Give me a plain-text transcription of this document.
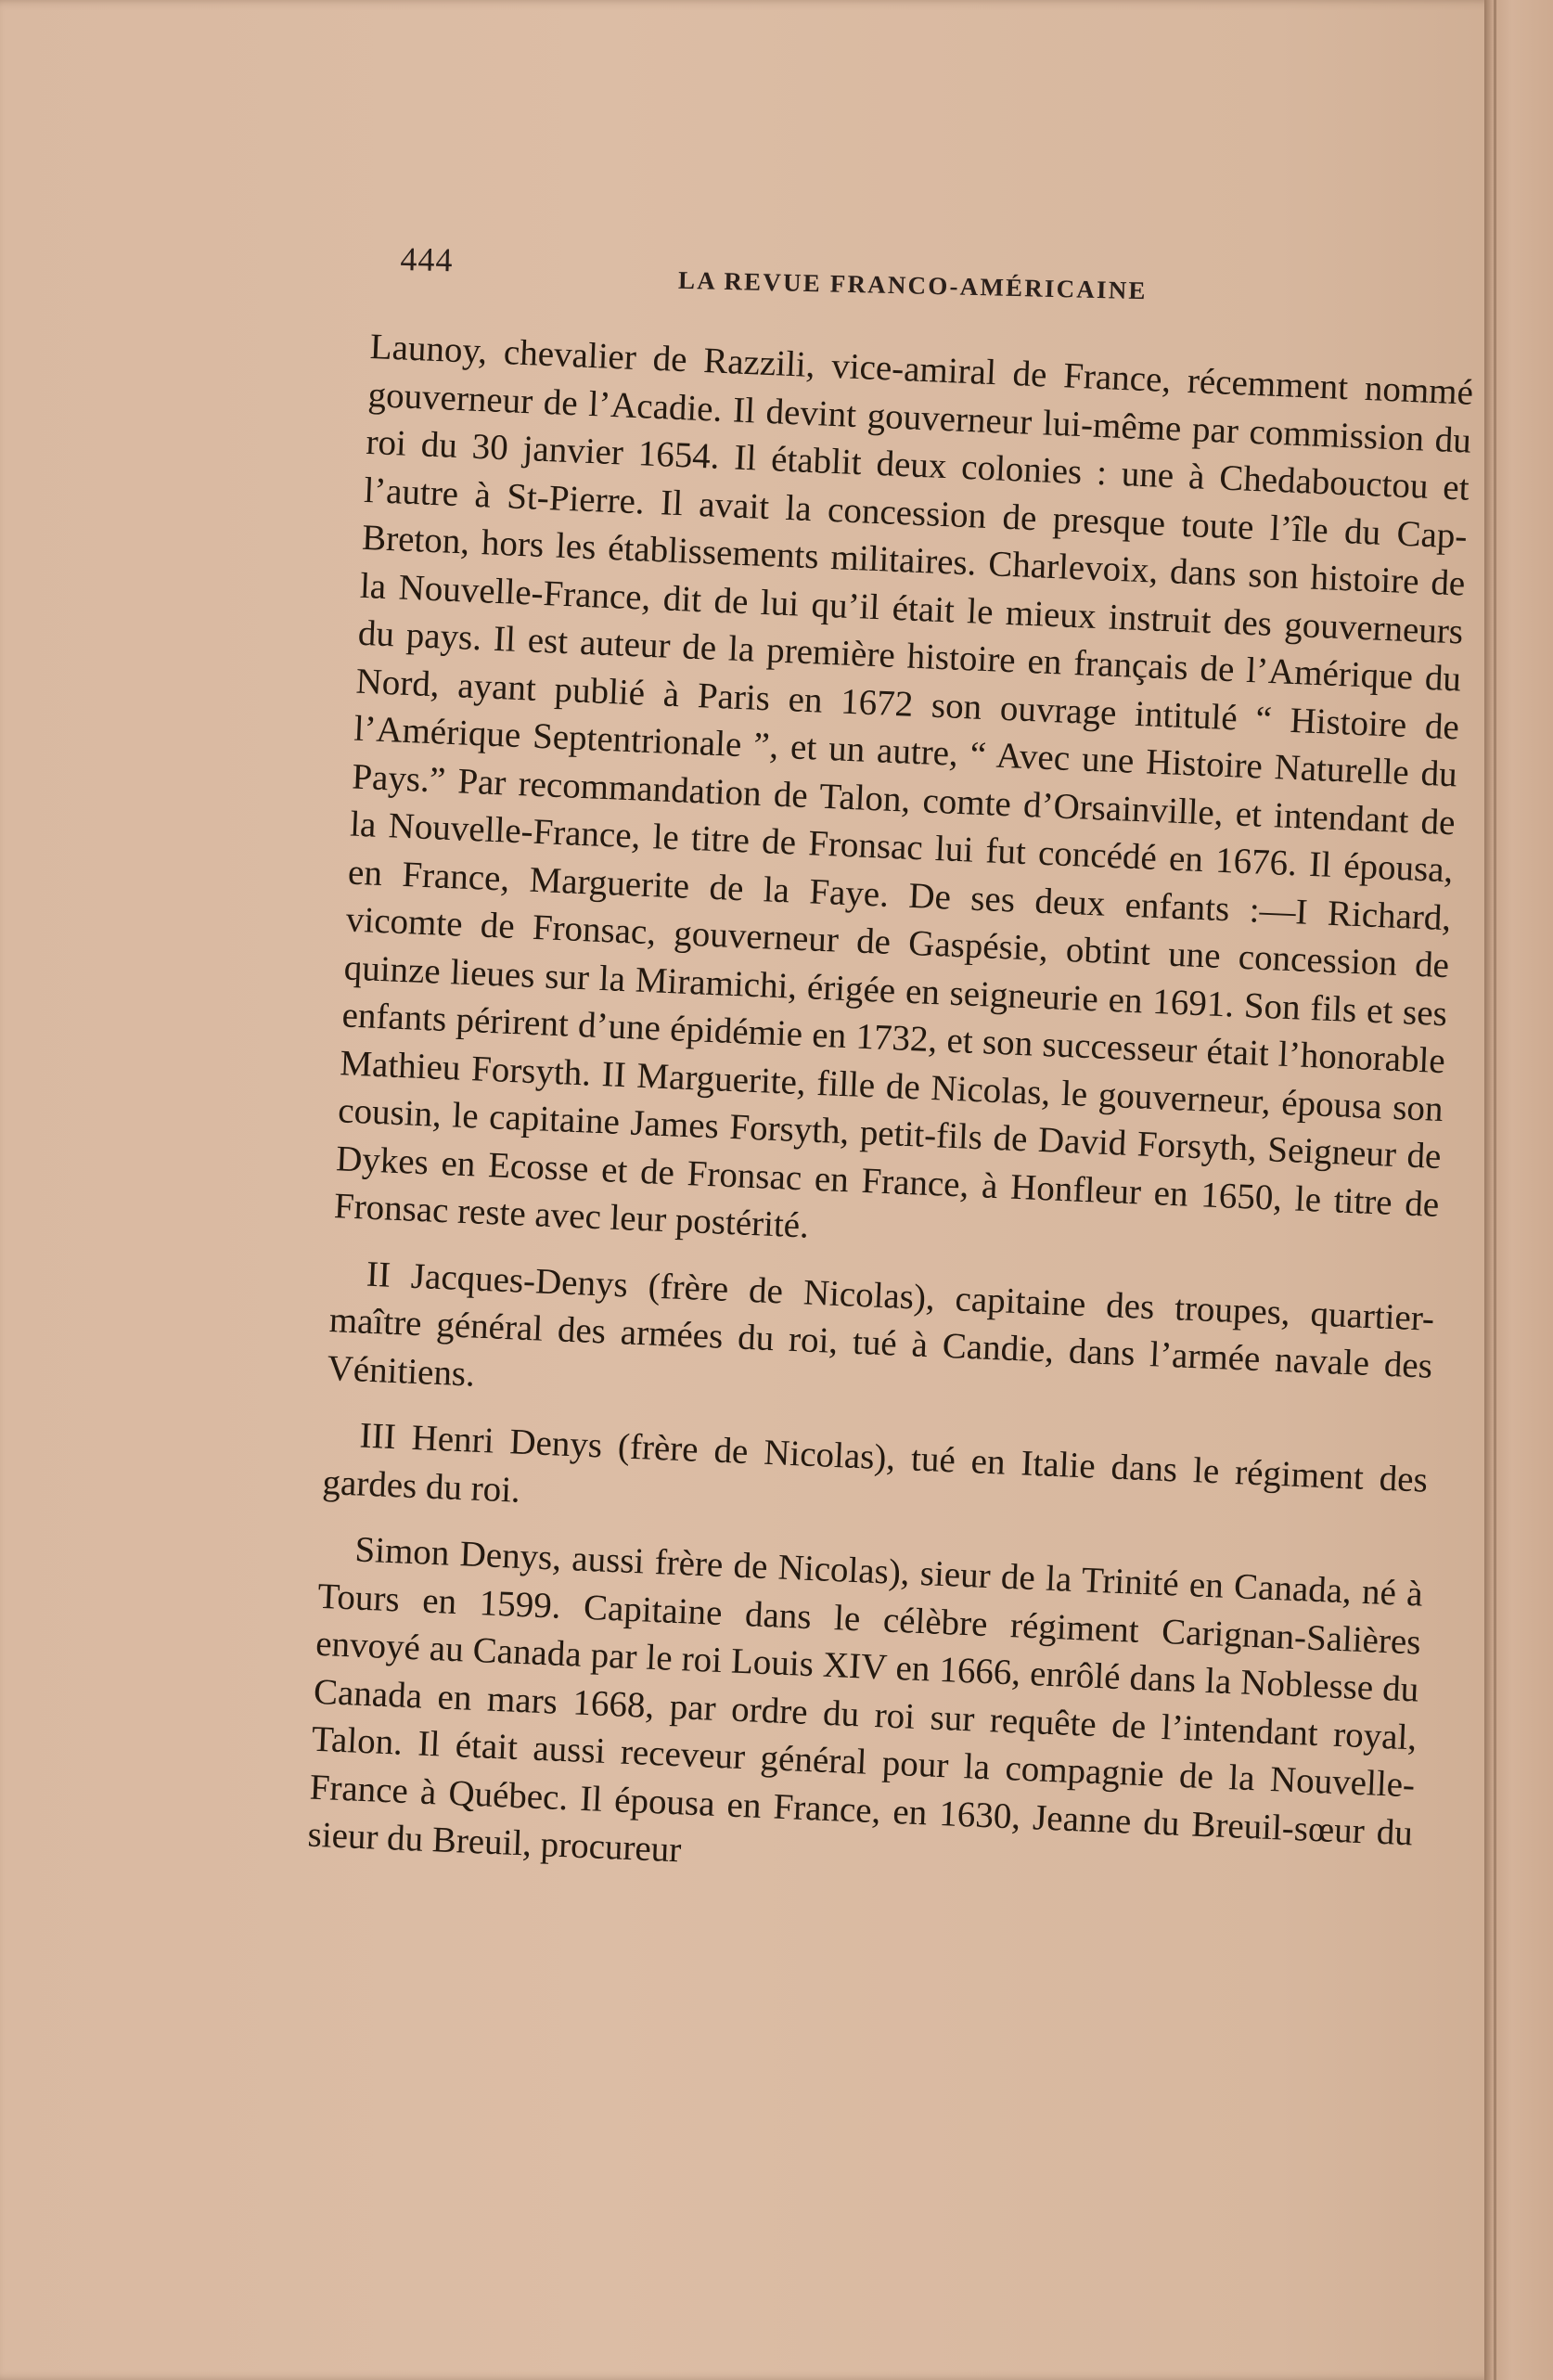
444
LA REVUE FRANCO-AMÉRICAINE

Launoy, chevalier de Razzili, vice-amiral de France, récemment nommé gouverneur de l’Acadie. Il devint gouverneur lui-même par commission du roi du 30 janvier 1654. Il établit deux colonies : une à Chedabouctou et l’autre à St-Pierre. Il avait la concession de presque toute l’île du Cap-Breton, hors les établissements militaires. Charlevoix, dans son histoire de la Nouvelle-France, dit de lui qu’il était le mieux instruit des gouverneurs du pays. Il est auteur de la première histoire en français de l’Amérique du Nord, ayant publié à Paris en 1672 son ouvrage intitulé “ Histoire de l’Amérique Septentrionale ”, et un autre, “ Avec une Histoire Naturelle du Pays.” Par recommandation de Talon, comte d’Orsainville, et intendant de la Nouvelle-France, le titre de Fronsac lui fut concédé en 1676. Il épousa, en France, Marguerite de la Faye. De ses deux enfants :—I Richard, vicomte de Fronsac, gouverneur de Gaspésie, obtint une concession de quinze lieues sur la Miramichi, érigée en seigneurie en 1691. Son fils et ses enfants périrent d’une épidémie en 1732, et son successeur était l’honorable Mathieu Forsyth. II Marguerite, fille de Nicolas, le gouverneur, épousa son cousin, le capitaine James Forsyth, petit-fils de David Forsyth, Seigneur de Dykes en Ecosse et de Fronsac en France, à Honfleur en 1650, le titre de Fronsac reste avec leur postérité.

II Jacques-Denys (frère de Nicolas), capitaine des troupes, quartier-maître général des armées du roi, tué à Candie, dans l’armée navale des Vénitiens.

III Henri Denys (frère de Nicolas), tué en Italie dans le régiment des gardes du roi.

Simon Denys, aussi frère de Nicolas), sieur de la Trinité en Canada, né à Tours en 1599. Capitaine dans le célèbre régiment Carignan-Salières envoyé au Canada par le roi Louis XIV en 1666, enrôlé dans la Noblesse du Canada en mars 1668, par ordre du roi sur requête de l’intendant royal, Talon. Il était aussi receveur général pour la compagnie de la Nouvelle-France à Québec. Il épousa en France, en 1630, Jeanne du Breuil-sœur du sieur du Breuil, procureur
